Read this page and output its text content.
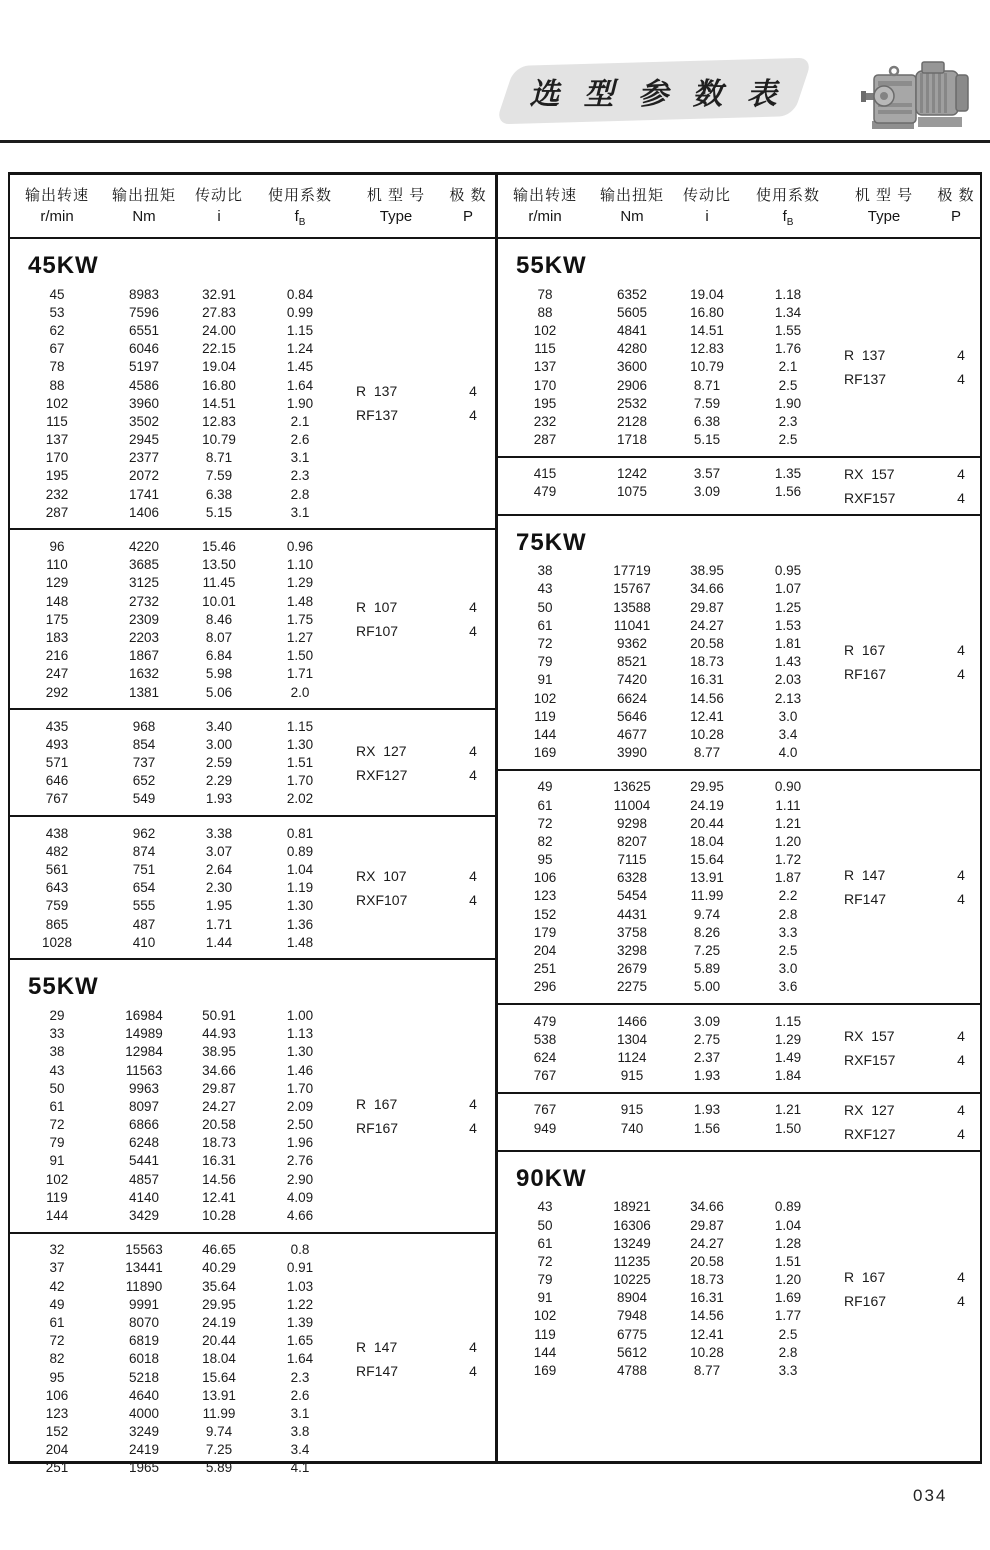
选 型 参 数 表
输出转速	输出扭矩	传动比	使用系数	机 型 号	极 数
r/min	Nm	i	$f_B$	Type	P
45KW
45	8983	32.91	0.84
53	7596	27.83	0.99
62	6551	24.00	1.15
67	6046	22.15	1.24
78	5197	19.04	1.45
88	4586	16.80	1.64
102	3960	14.51	1.90
115	3502	12.83	2.1
137	2945	10.79	2.6
170	2377	8.71	3.1
195	2072	7.59	2.3
232	1741	6.38	2.8
287	1406	5.15	3.1
R  137	4
RF137	4
96	4220	15.46	0.96
110	3685	13.50	1.10
129	3125	11.45	1.29
148	2732	10.01	1.48
175	2309	8.46	1.75
183	2203	8.07	1.27
216	1867	6.84	1.50
247	1632	5.98	1.71
292	1381	5.06	2.0
R  107	4
RF107	4
435	968	3.40	1.15
493	854	3.00	1.30
571	737	2.59	1.51
646	652	2.29	1.70
767	549	1.93	2.02
RX  127	4
RXF127	4
438	962	3.38	0.81
482	874	3.07	0.89
561	751	2.64	1.04
643	654	2.30	1.19
759	555	1.95	1.30
865	487	1.71	1.36
1028	410	1.44	1.48
RX  107	4
RXF107	4
55KW
29	16984	50.91	1.00
33	14989	44.93	1.13
38	12984	38.95	1.30
43	11563	34.66	1.46
50	9963	29.87	1.70
61	8097	24.27	2.09
72	6866	20.58	2.50
79	6248	18.73	1.96
91	5441	16.31	2.76
102	4857	14.56	2.90
119	4140	12.41	4.09
144	3429	10.28	4.66
R  167	4
RF167	4
32	15563	46.65	0.8
37	13441	40.29	0.91
42	11890	35.64	1.03
49	9991	29.95	1.22
61	8070	24.19	1.39
72	6819	20.44	1.65
82	6018	18.04	1.64
95	5218	15.64	2.3
106	4640	13.91	2.6
123	4000	11.99	3.1
152	3249	9.74	3.8
204	2419	7.25	3.4
251	1965	5.89	4.1
R  147	4
RF147	4
输出转速	输出扭矩	传动比	使用系数	机 型 号	极 数
r/min	Nm	i	$f_B$	Type	P
55KW
78	6352	19.04	1.18
88	5605	16.80	1.34
102	4841	14.51	1.55
115	4280	12.83	1.76
137	3600	10.79	2.1
170	2906	8.71	2.5
195	2532	7.59	1.90
232	2128	6.38	2.3
287	1718	5.15	2.5
R  137	4
RF137	4
415	1242	3.57	1.35
479	1075	3.09	1.56
RX  157	4
RXF157	4
75KW
38	17719	38.95	0.95
43	15767	34.66	1.07
50	13588	29.87	1.25
61	11041	24.27	1.53
72	9362	20.58	1.81
79	8521	18.73	1.43
91	7420	16.31	2.03
102	6624	14.56	2.13
119	5646	12.41	3.0
144	4677	10.28	3.4
169	3990	8.77	4.0
R  167	4
RF167	4
49	13625	29.95	0.90
61	11004	24.19	1.11
72	9298	20.44	1.21
82	8207	18.04	1.20
95	7115	15.64	1.72
106	6328	13.91	1.87
123	5454	11.99	2.2
152	4431	9.74	2.8
179	3758	8.26	3.3
204	3298	7.25	2.5
251	2679	5.89	3.0
296	2275	5.00	3.6
R  147	4
RF147	4
479	1466	3.09	1.15
538	1304	2.75	1.29
624	1124	2.37	1.49
767	915	1.93	1.84
RX  157	4
RXF157	4
767	915	1.93	1.21
949	740	1.56	1.50
RX  127	4
RXF127	4
90KW
43	18921	34.66	0.89
50	16306	29.87	1.04
61	13249	24.27	1.28
72	11235	20.58	1.51
79	10225	18.73	1.20
91	8904	16.31	1.69
102	7948	14.56	1.77
119	6775	12.41	2.5
144	5612	10.28	2.8
169	4788	8.77	3.3
R  167	4
RF167	4
034
